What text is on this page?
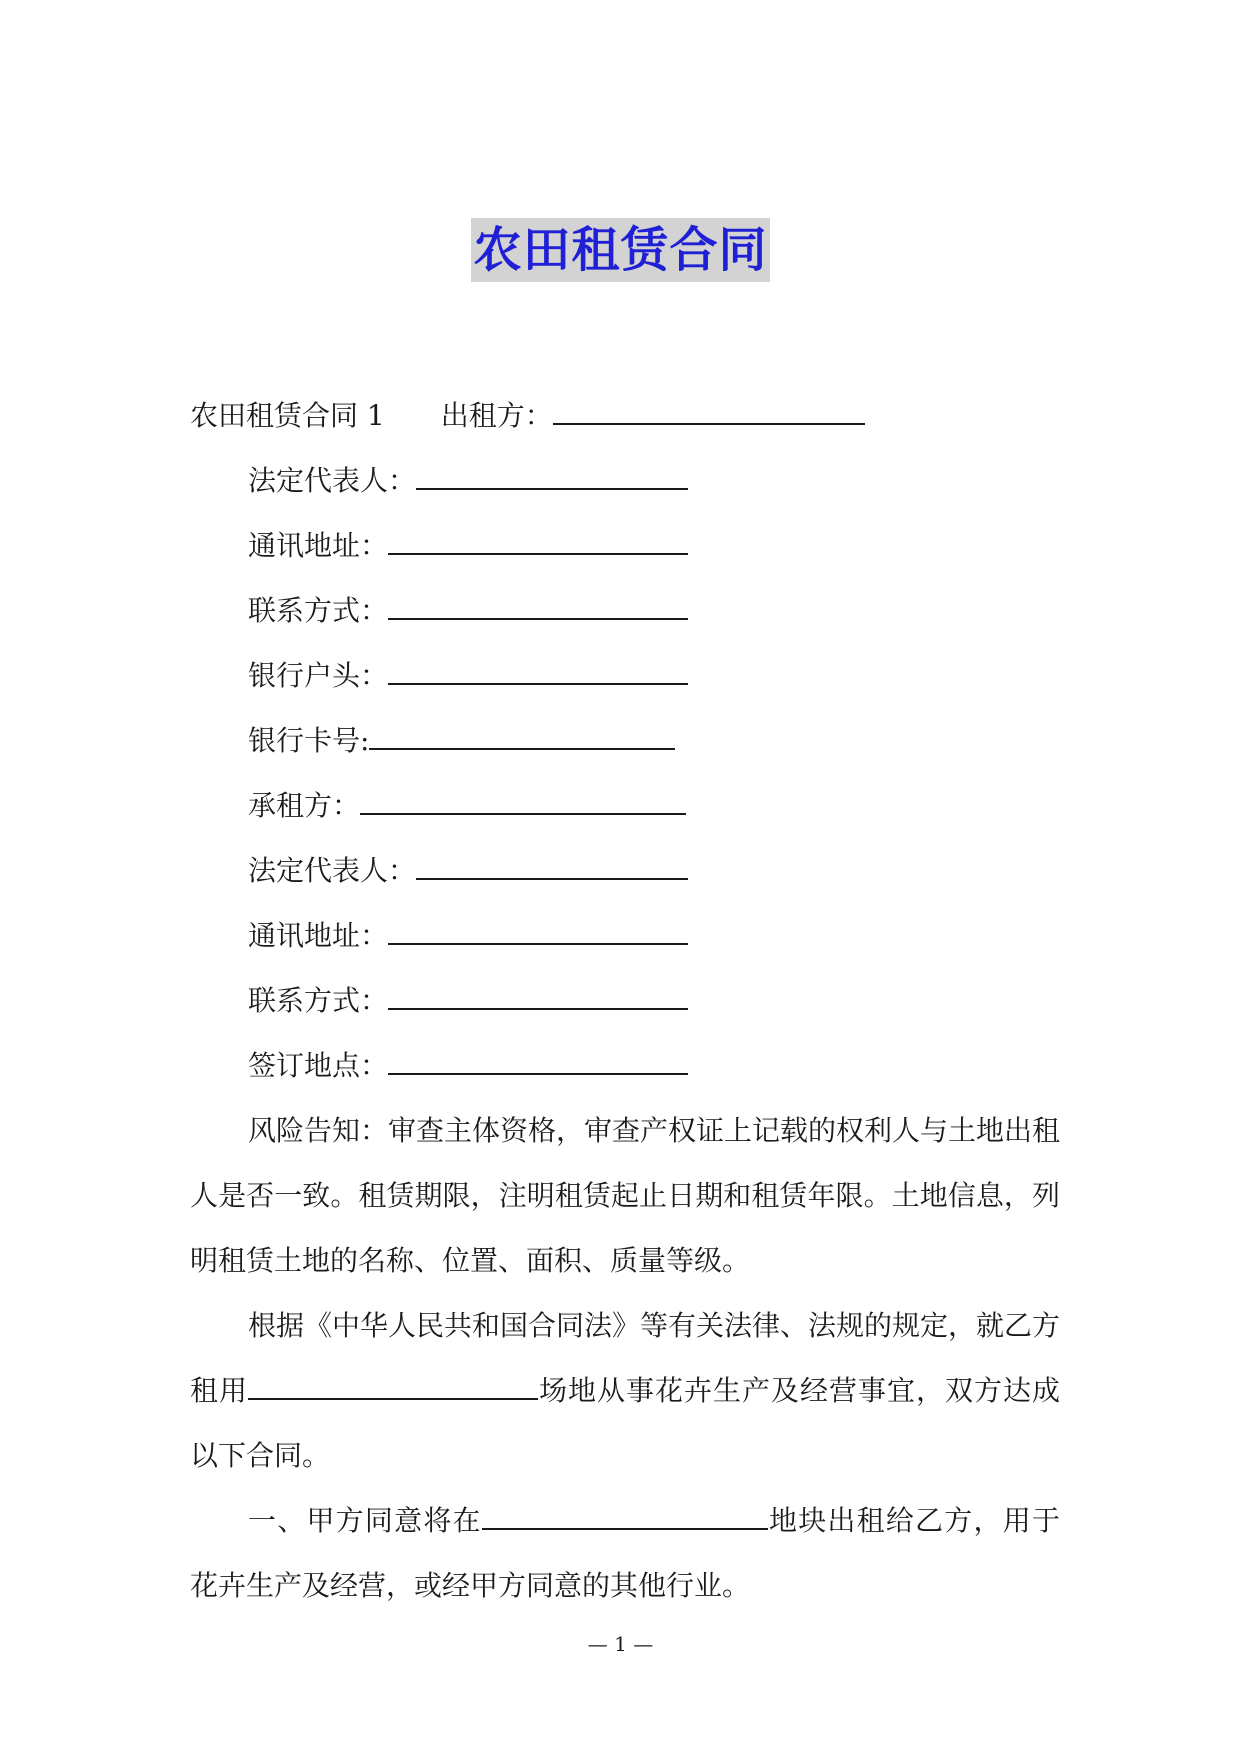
农田租赁合同
农田租赁合同 1 出租方：
法定代表人：
通讯地址：
联系方式：
银行户头：
银行卡号:
承租方：
法定代表人：
通讯地址：
联系方式：
签订地点：
风险告知：审查主体资格，审查产权证上记载的权利人与土地出租人是否一致。租赁期限，注明租赁起止日期和租赁年限。土地信息，列明租赁土地的名称、位置、面积、质量等级。
根据《中华人民共和国合同法》等有关法律、法规的规定，就乙方租用	场地从事花卉生产及经营事宜，双方达成以下合同。
一、甲方同意将在	地块出租给乙方，用于花卉生产及经营，或经甲方同意的其他行业。
— 1 —
